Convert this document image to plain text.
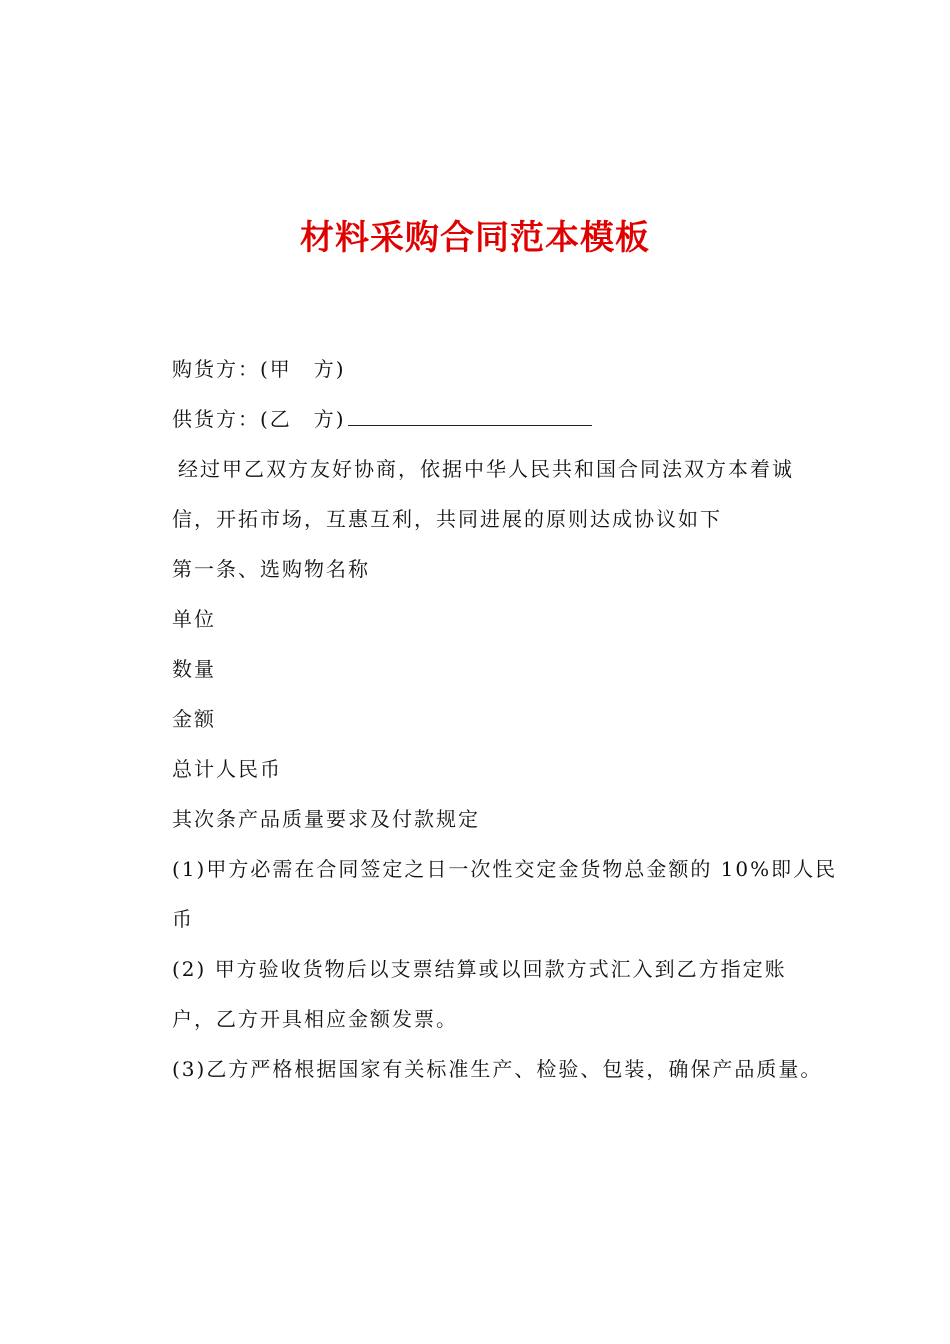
材料采购合同范本模板

购货方：(甲　方)

供货方：(乙　方)

经过甲乙双方友好协商，依据中华人民共和国合同法双方本着诚

信，开拓市场，互惠互利，共同进展的原则达成协议如下

第一条、选购物名称

单位

数量

金额

总计人民币

其次条产品质量要求及付款规定

(1)甲方必需在合同签定之日一次性交定金货物总金额的 10%即人民

币

(2) 甲方验收货物后以支票结算或以回款方式汇入到乙方指定账

户，乙方开具相应金额发票。

(3)乙方严格根据国家有关标准生产、检验、包装，确保产品质量。
